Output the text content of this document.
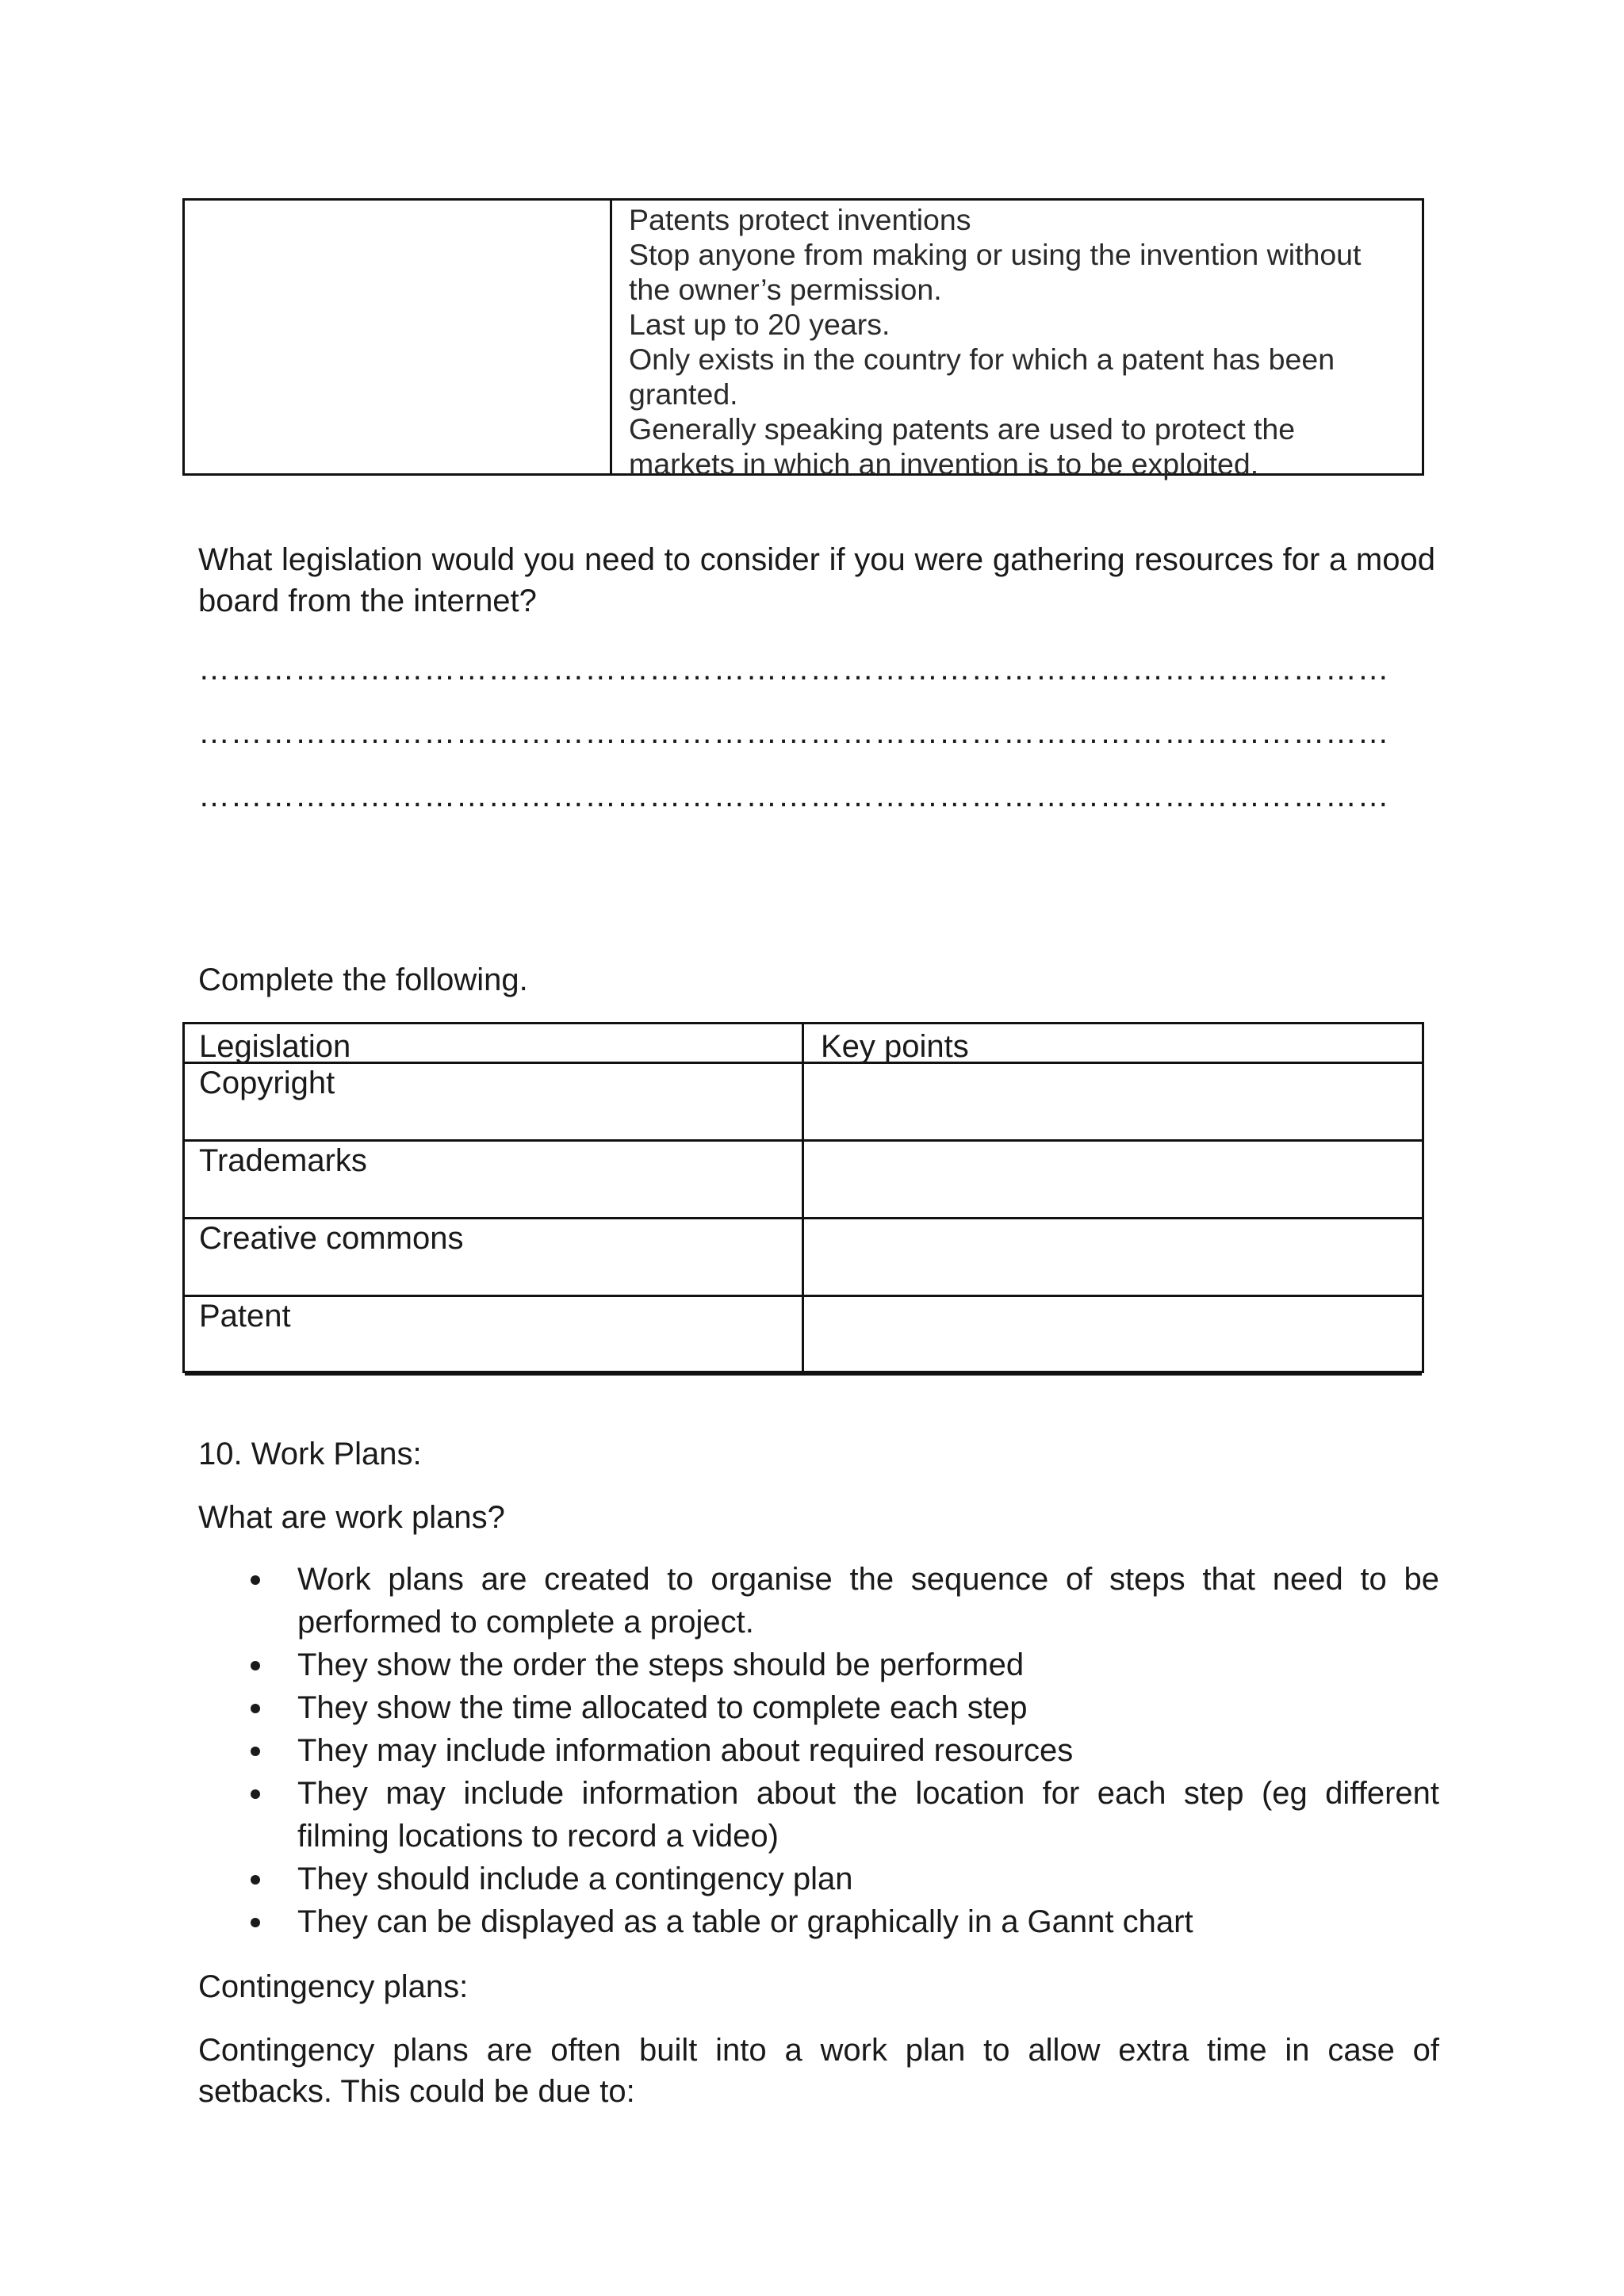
Patents protect inventions
Stop anyone from making or using the invention without
the owner’s permission.
Last up to 20 years.
Only exists in the country for which a patent has been
granted.
Generally speaking patents are used to protect the
markets in which an invention is to be exploited.
What legislation would you need to consider if you were gathering resources for a mood board from the internet?
…………………………………………………………………………………………………
…………………………………………………………………………………………………
…………………………………………………………………………………………………
Complete the following.
Legislation	Key points
Copyright
Trademarks
Creative commons
Patent
10. Work Plans:
What are work plans?
Work plans are created to organise the sequence of steps that need to be performed to complete a project.
They show the order the steps should be performed
They show the time allocated to complete each step
They may include information about required resources
They may include information about the location for each step (eg different filming locations to record a video)
They should include a contingency plan
They can be displayed as a table or graphically in a Gannt chart
Contingency plans:
Contingency plans are often built into a work plan to allow extra time in case of setbacks. This could be due to:
